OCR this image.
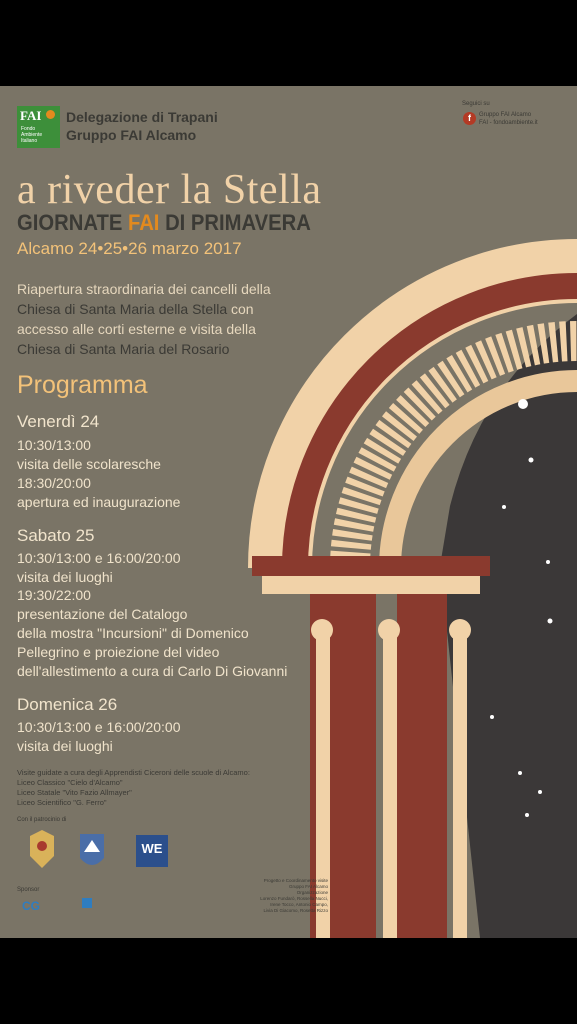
FAI
Fondo
Ambiente
Italiano
Delegazione di Trapani
Gruppo FAI Alcamo
Seguici su
f	Gruppo FAI Alcamo
FAI - fondoambiente.it
a riveder la Stella
GIORNATE FAI DI PRIMAVERA
Alcamo 24•25•26 marzo 2017
Riapertura straordinaria dei cancelli della
Chiesa di Santa Maria della Stella con
accesso alle corti esterne e visita della
Chiesa di Santa Maria del Rosario
Programma
Venerdì 24
10:30/13:00
visita delle scolaresche
18:30/20:00
apertura ed inaugurazione
Sabato 25
10:30/13:00 e 16:00/20:00
visita dei luoghi
19:30/22:00
presentazione del Catalogo
della mostra "Incursioni" di Domenico
Pellegrino e proiezione del video
dell'allestimento a cura di Carlo Di Giovanni
Domenica 26
10:30/13:00 e 16:00/20:00
visita dei luoghi
Visite guidate a cura degli Apprendisti Ciceroni delle scuole di Alcamo:
Liceo Classico "Cielo d'Alcamo"
Liceo Statale "Vito Fazio Allmayer"
Liceo Scientifico "G. Ferro"
Con il patrocinio di
WE
Sponsor
CG
Progetto e Coordinamento visite
Gruppo FAI Alcamo
Organizzazione
Lorenzo Fundarò, Rossella Nucci,
Irene Tocco, Antonio Campo,
Livia Di Giacomo, Rosetta Rizzo
